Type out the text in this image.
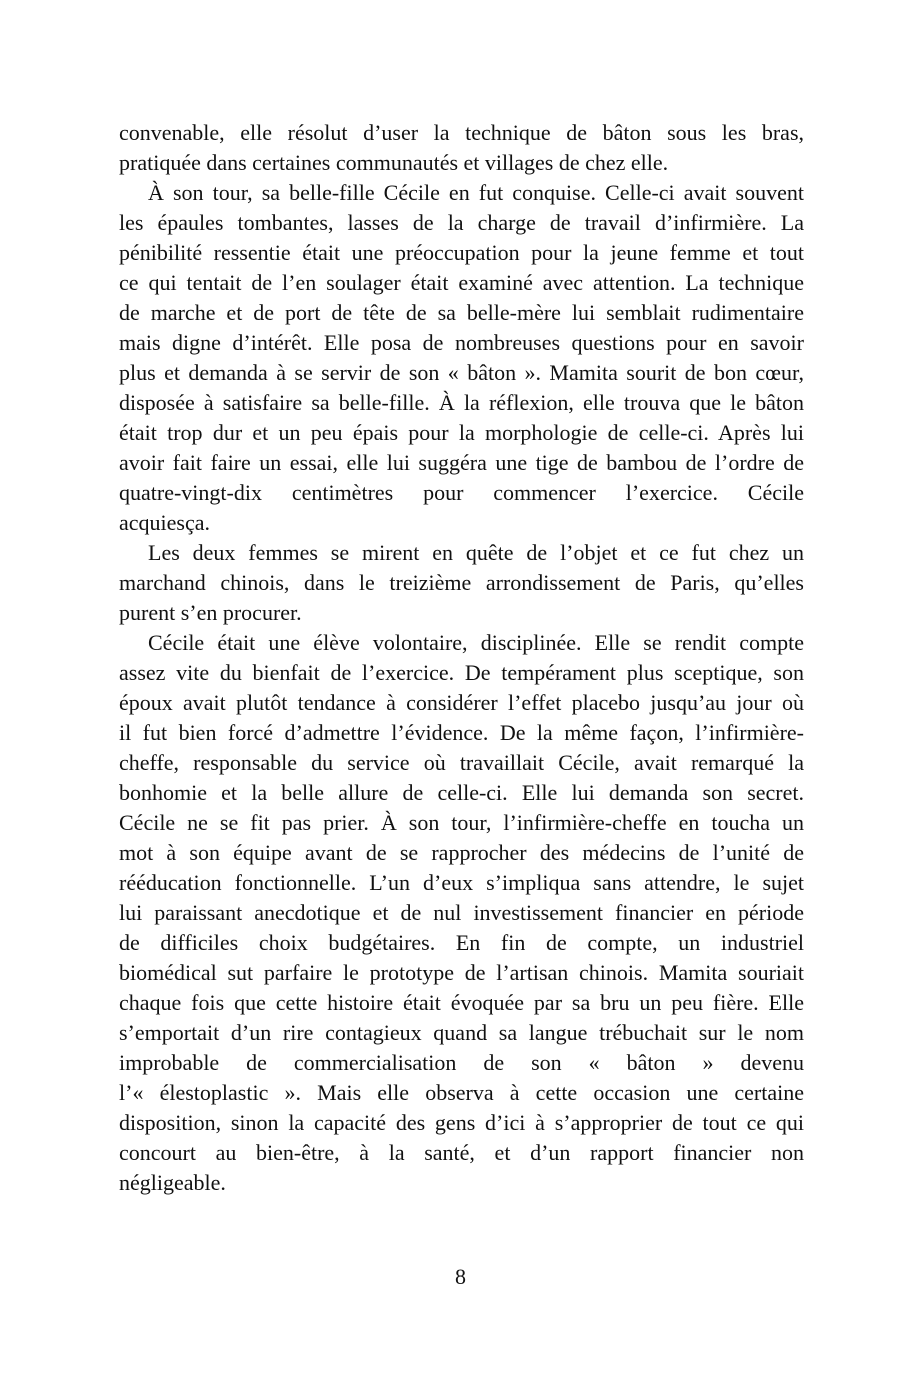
convenable, elle résolut d’user la technique de bâton sous les bras,
pratiquée dans certaines communautés et villages de chez elle.
À son tour, sa belle-fille Cécile en fut conquise. Celle-ci avait souvent
les épaules tombantes, lasses de la charge de travail d’infirmière. La
pénibilité ressentie était une préoccupation pour la jeune femme et tout
ce qui tentait de l’en soulager était examiné avec attention. La technique
de marche et de port de tête de sa belle-mère lui semblait rudimentaire
mais digne d’intérêt. Elle posa de nombreuses questions pour en savoir
plus et demanda à se servir de son « bâton ». Mamita sourit de bon cœur,
disposée à satisfaire sa belle-fille. À la réflexion, elle trouva que le bâton
était trop dur et un peu épais pour la morphologie de celle-ci. Après lui
avoir fait faire un essai, elle lui suggéra une tige de bambou de l’ordre de
quatre-vingt-dix centimètres pour commencer l’exercice. Cécile
acquiesça.
Les deux femmes se mirent en quête de l’objet et ce fut chez un
marchand chinois, dans le treizième arrondissement de Paris, qu’elles
purent s’en procurer.
Cécile était une élève volontaire, disciplinée. Elle se rendit compte
assez vite du bienfait de l’exercice. De tempérament plus sceptique, son
époux avait plutôt tendance à considérer l’effet placebo jusqu’au jour où
il fut bien forcé d’admettre l’évidence. De la même façon, l’infirmière-
cheffe, responsable du service où travaillait Cécile, avait remarqué la
bonhomie et la belle allure de celle-ci. Elle lui demanda son secret.
Cécile ne se fit pas prier. À son tour, l’infirmière-cheffe en toucha un
mot à son équipe avant de se rapprocher des médecins de l’unité de
rééducation fonctionnelle. L’un d’eux s’impliqua sans attendre, le sujet
lui paraissant anecdotique et de nul investissement financier en période
de difficiles choix budgétaires. En fin de compte, un industriel
biomédical sut parfaire le prototype de l’artisan chinois. Mamita souriait
chaque fois que cette histoire était évoquée par sa bru un peu fière. Elle
s’emportait d’un rire contagieux quand sa langue trébuchait sur le nom
improbable de commercialisation de son « bâton » devenu
l’« élestoplastic ». Mais elle observa à cette occasion une certaine
disposition, sinon la capacité des gens d’ici à s’approprier de tout ce qui
concourt au bien-être, à la santé, et d’un rapport financier non
négligeable.
8
